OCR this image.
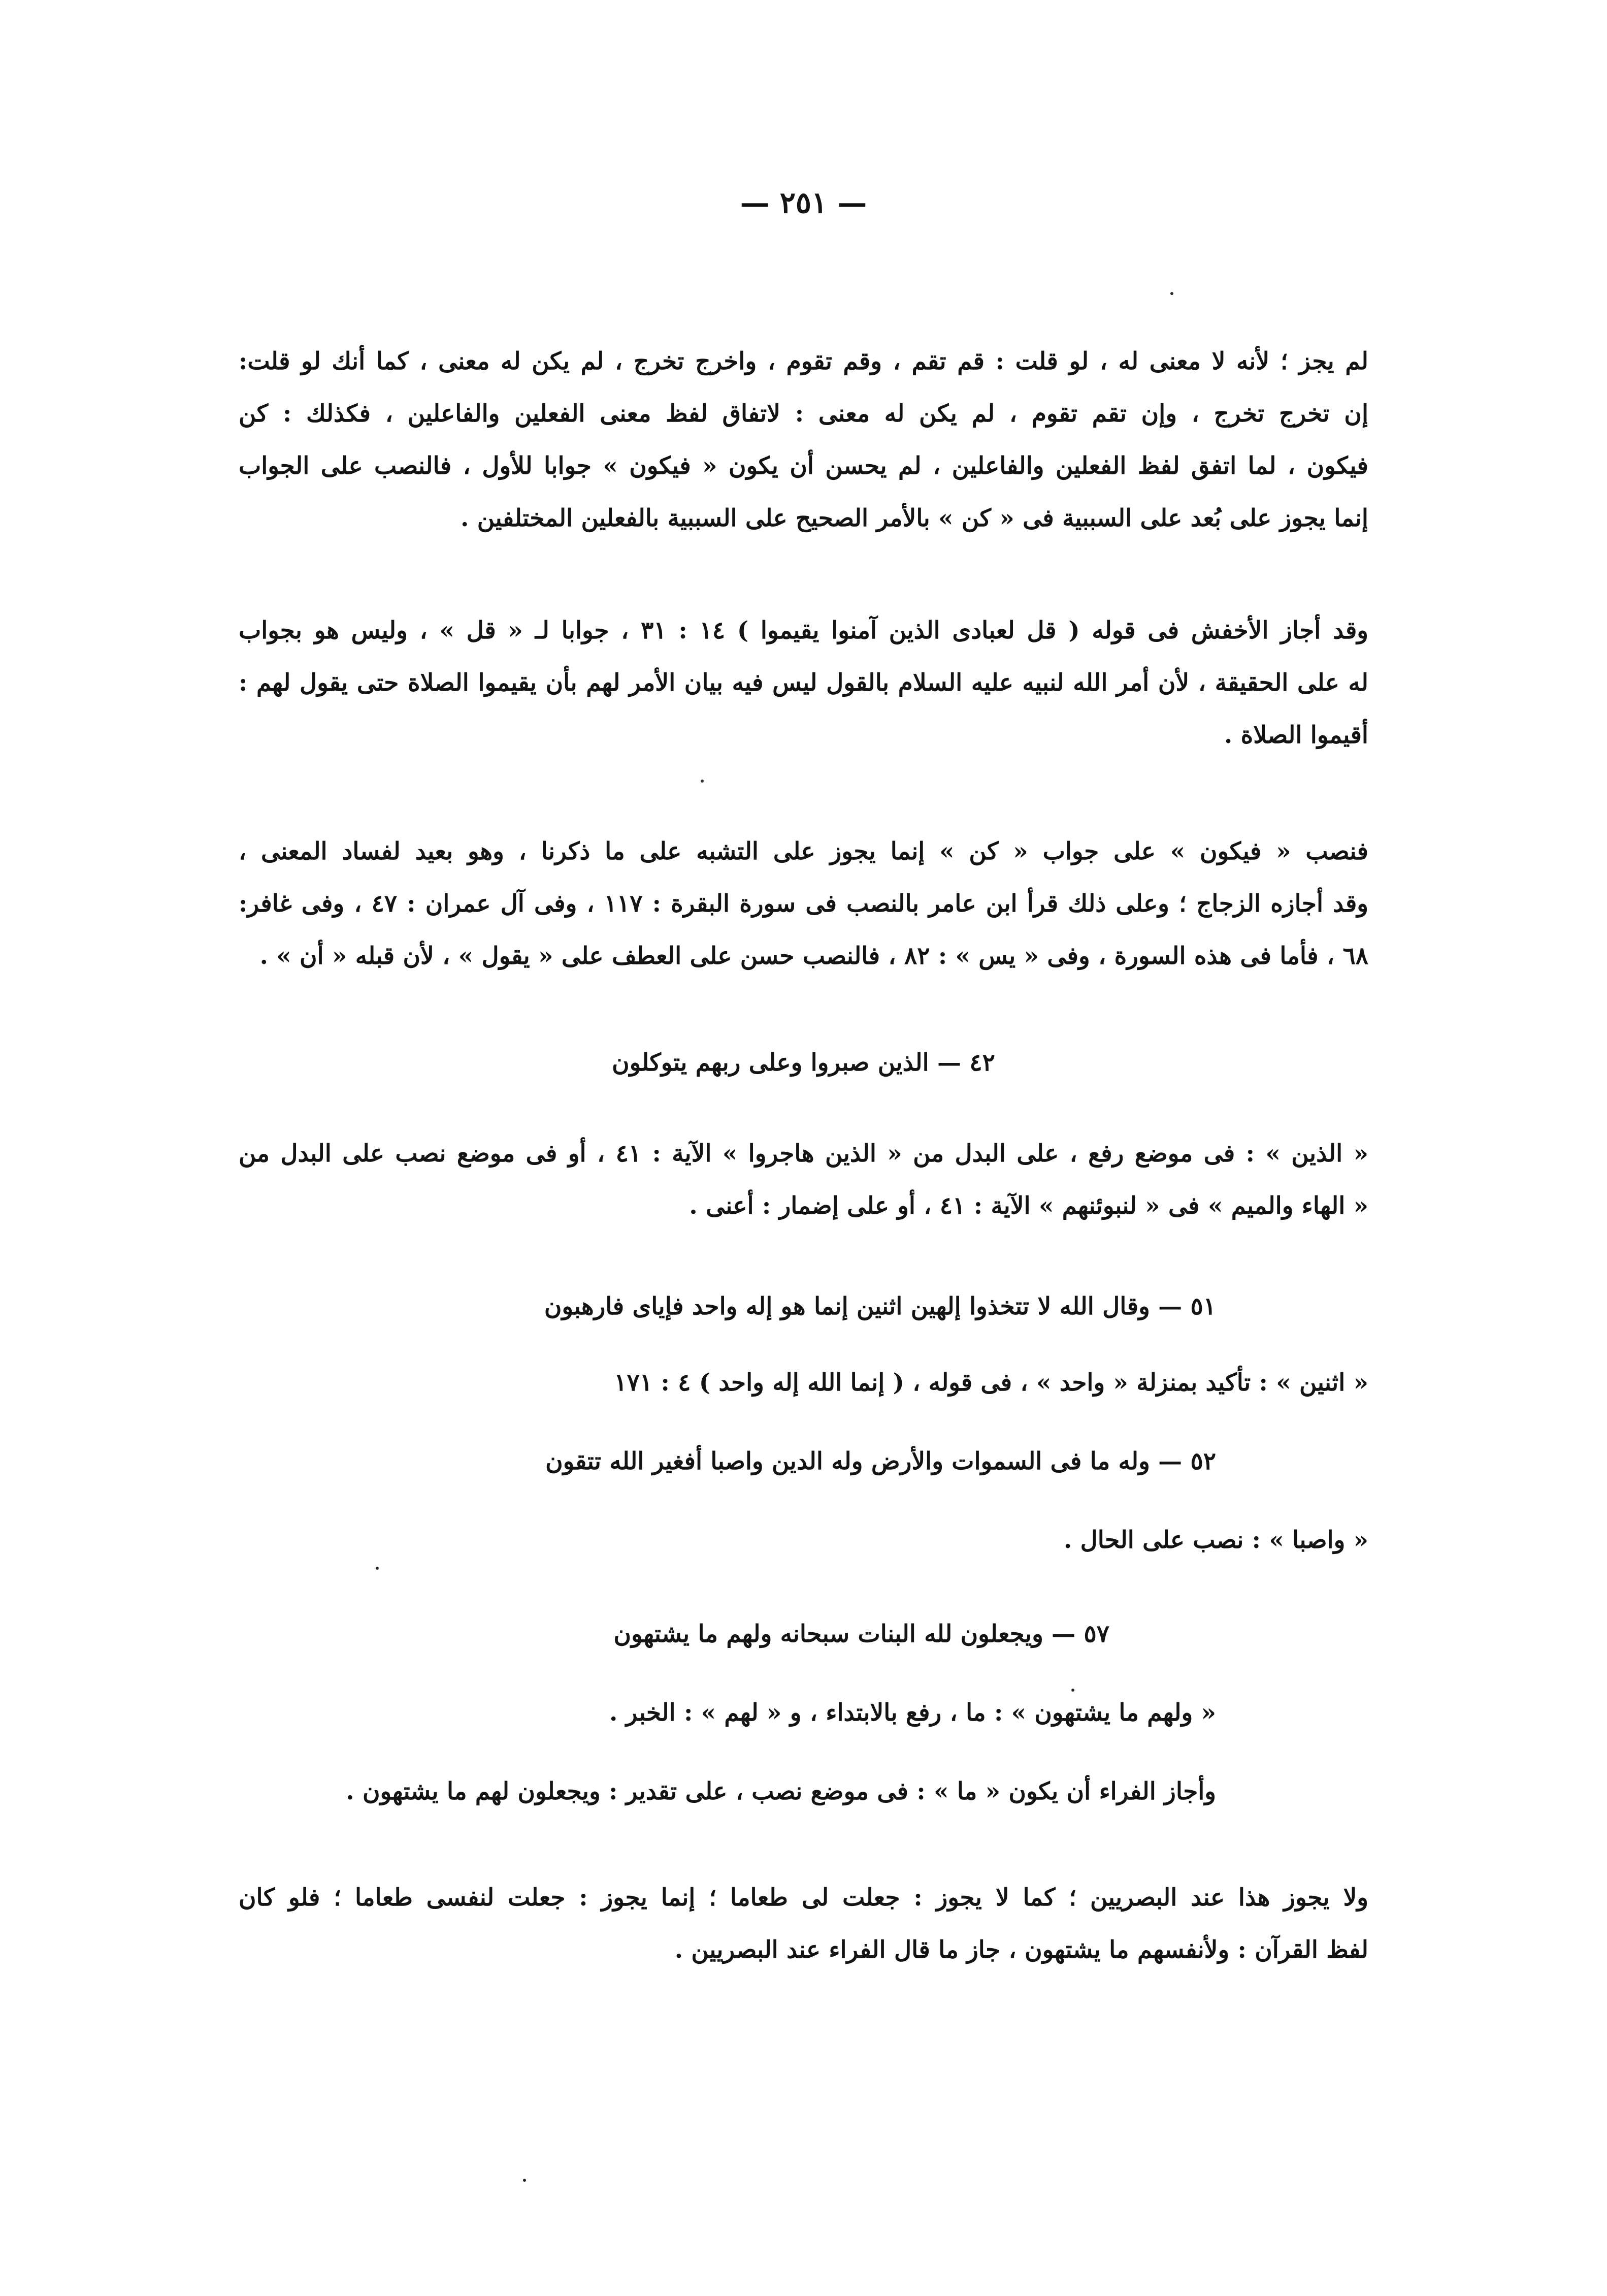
— ٢٥١ —
لم يجز ؛ لأنه لا معنى له ، لو قلت : قم تقم ، وقم تقوم ، واخرج تخرج ، لم يكن له معنى ، كما أنك لو قلت:
إن تخرج تخرج ، وإن تقم تقوم ، لم يكن له معنى : لاتفاق لفظ معنى الفعلين والفاعلين ، فكذلك : كن
فيكون ، لما اتفق لفظ الفعلين والفاعلين ، لم يحسن أن يكون « فيكون » جوابا للأول ، فالنصب على الجواب
إنما يجوز على بُعد على السببية فى « كن » بالأمر الصحيح على السببية بالفعلين المختلفين .
وقد أجاز الأخفش فى قوله ( قل لعبادى الذين آمنوا يقيموا ) ١٤ : ٣١ ، جوابا لـ « قل » ، وليس هو بجواب
له على الحقيقة ، لأن أمر الله لنبيه عليه السلام بالقول ليس فيه بيان الأمر لهم بأن يقيموا الصلاة حتى يقول لهم :
أقيموا الصلاة .
فنصب « فيكون » على جواب « كن » إنما يجوز على التشبه على ما ذكرنا ، وهو بعيد لفساد المعنى ،
وقد أجازه الزجاج ؛ وعلى ذلك قرأ ابن عامر بالنصب فى سورة البقرة : ١١٧ ، وفى آل عمران : ٤٧ ، وفى غافر:
٦٨ ، فأما فى هذه السورة ، وفى « يس » : ٨٢ ، فالنصب حسن على العطف على « يقول » ، لأن قبله « أن » .
٤٢ — الذين صبروا وعلى ربهم يتوكلون
« الذين » : فى موضع رفع ، على البدل من « الذين هاجروا » الآية : ٤١ ، أو فى موضع نصب على البدل من
« الهاء والميم » فى « لنبوئنهم » الآية : ٤١ ، أو على إضمار : أعنى .
٥١ — وقال الله لا تتخذوا إلهين اثنين إنما هو إله واحد فإياى فارهبون
« اثنين » : تأكيد بمنزلة « واحد » ، فى قوله ، ( إنما الله إله واحد ) ٤ : ١٧١
٥٢ — وله ما فى السموات والأرض وله الدين واصبا أفغير الله تتقون
« واصبا » : نصب على الحال .
٥٧ — ويجعلون لله البنات سبحانه ولهم ما يشتهون
« ولهم ما يشتهون » : ما ، رفع بالابتداء ، و « لهم » : الخبر .
وأجاز الفراء أن يكون « ما » : فى موضع نصب ، على تقدير : ويجعلون لهم ما يشتهون .
ولا يجوز هذا عند البصريين ؛ كما لا يجوز : جعلت لى طعاما ؛ إنما يجوز : جعلت لنفسى طعاما ؛ فلو كان
لفظ القرآن : ولأنفسهم ما يشتهون ، جاز ما قال الفراء عند البصريين .
